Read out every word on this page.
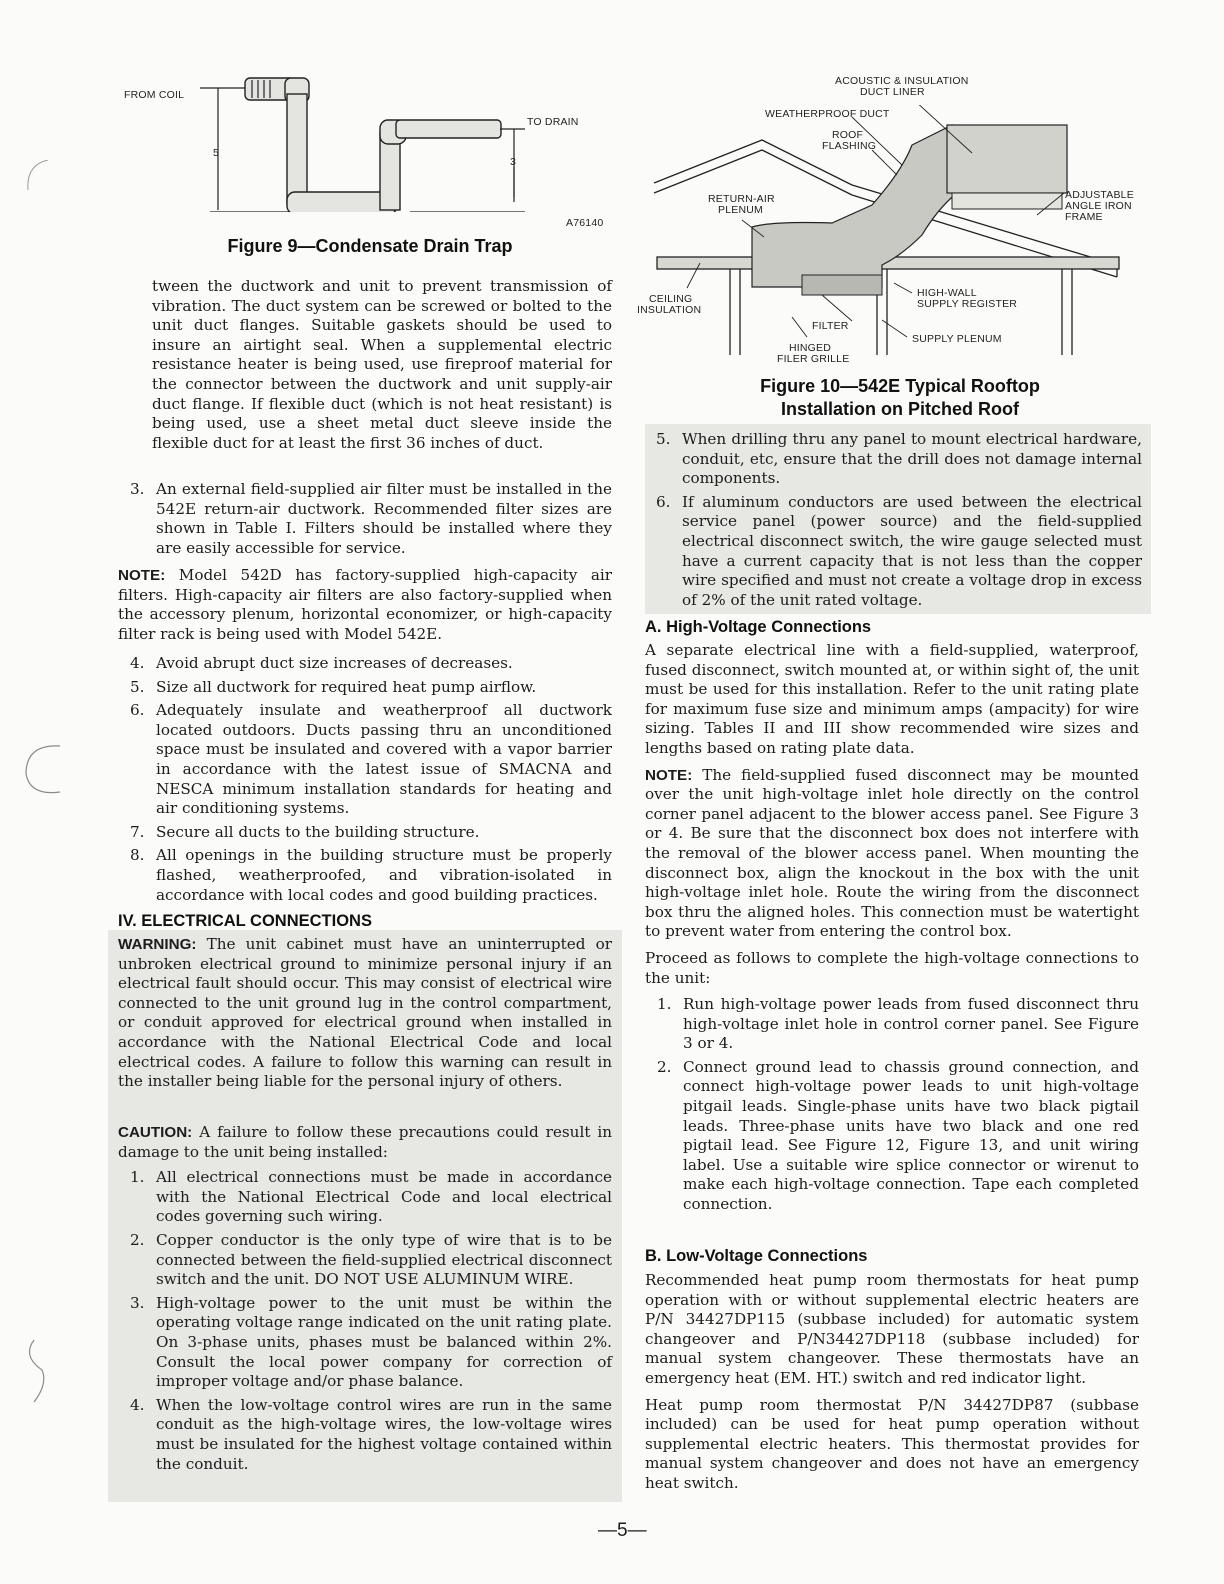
FROM COIL
TO DRAIN
5
3
A76140
Figure 9—Condensate Drain Trap
ACOUSTIC & INSULATION
DUCT LINER
WEATHERPROOF DUCT
ROOF
FLASHING
RETURN-AIR
PLENUM
ADJUSTABLE
ANGLE IRON
FRAME
CEILING
INSULATION
HIGH-WALL
SUPPLY REGISTER
FILTER
SUPPLY PLENUM
HINGED
FILER GRILLE
Figure 10—542E Typical Rooftop
Installation on Pitched Roof

tween the ductwork and unit to prevent transmission of vibration. The duct system can be screwed or bolted to the unit duct flanges. Suitable gaskets should be used to insure an airtight seal. When a supplemental electric resistance heater is being used, use fireproof material for the connector between the ductwork and unit supply-air duct flange. If flexible duct (which is not heat resistant) is being used, use a sheet metal duct sleeve inside the flexible duct for at least the first 36 inches of duct.

3. An external field-supplied air filter must be installed in the 542E return-air ductwork. Recommended filter sizes are shown in Table I. Filters should be installed where they are easily accessible for service.

NOTE: Model 542D has factory-supplied high-capacity air filters. High-capacity air filters are also factory-supplied when the accessory plenum, horizontal economizer, or high-capacity filter rack is being used with Model 542E.

4. Avoid abrupt duct size increases of decreases.
5. Size all ductwork for required heat pump airflow.
6. Adequately insulate and weatherproof all ductwork located outdoors. Ducts passing thru an unconditioned space must be insulated and covered with a vapor barrier in accordance with the latest issue of SMACNA and NESCA minimum installation standards for heating and air conditioning systems.
7. Secure all ducts to the building structure.
8. All openings in the building structure must be properly flashed, weatherproofed, and vibration-isolated in accordance with local codes and good building practices.
IV. ELECTRICAL CONNECTIONS

WARNING: The unit cabinet must have an uninterrupted or unbroken electrical ground to minimize personal injury if an electrical fault should occur. This may consist of electrical wire connected to the unit ground lug in the control compartment, or conduit approved for electrical ground when installed in accordance with the National Electrical Code and local electrical codes. A failure to follow this warning can result in the installer being liable for the personal injury of others.

CAUTION: A failure to follow these precautions could result in damage to the unit being installed:

1. All electrical connections must be made in accordance with the National Electrical Code and local electrical codes governing such wiring.
2. Copper conductor is the only type of wire that is to be connected between the field-supplied electrical disconnect switch and the unit. DO NOT USE ALUMINUM WIRE.
3. High-voltage power to the unit must be within the operating voltage range indicated on the unit rating plate. On 3-phase units, phases must be balanced within 2%. Consult the local power company for correction of improper voltage and/or phase balance.
4. When the low-voltage control wires are run in the same conduit as the high-voltage wires, the low-voltage wires must be insulated for the highest voltage contained within the conduit.
5. When drilling thru any panel to mount electrical hardware, conduit, etc, ensure that the drill does not damage internal components.
6. If aluminum conductors are used between the electrical service panel (power source) and the field-supplied electrical disconnect switch, the wire gauge selected must have a current capacity that is not less than the copper wire specified and must not create a voltage drop in excess of 2% of the unit rated voltage.
A. High-Voltage Connections

A separate electrical line with a field-supplied, waterproof, fused disconnect, switch mounted at, or within sight of, the unit must be used for this installation. Refer to the unit rating plate for maximum fuse size and minimum amps (ampacity) for wire sizing. Tables II and III show recommended wire sizes and lengths based on rating plate data.

NOTE: The field-supplied fused disconnect may be mounted over the unit high-voltage inlet hole directly on the control corner panel adjacent to the blower access panel. See Figure 3 or 4. Be sure that the disconnect box does not interfere with the removal of the blower access panel. When mounting the disconnect box, align the knockout in the box with the unit high-voltage inlet hole. Route the wiring from the disconnect box thru the aligned holes. This connection must be watertight to prevent water from entering the control box.

Proceed as follows to complete the high-voltage connections to the unit:

1. Run high-voltage power leads from fused disconnect thru high-voltage inlet hole in control corner panel. See Figure 3 or 4.
2. Connect ground lead to chassis ground connection, and connect high-voltage power leads to unit high-voltage pitgail leads. Single-phase units have two black pigtail leads. Three-phase units have two black and one red pigtail lead. See Figure 12, Figure 13, and unit wiring label. Use a suitable wire splice connector or wirenut to make each high-voltage connection. Tape each completed connection.
B. Low-Voltage Connections

Recommended heat pump room thermostats for heat pump operation with or without supplemental electric heaters are P/N 34427DP115 (subbase included) for automatic system changeover and P/N34427DP118 (subbase included) for manual system changeover. These thermostats have an emergency heat (EM. HT.) switch and red indicator light.

Heat pump room thermostat P/N 34427DP87 (subbase included) can be used for heat pump operation without supplemental electric heaters. This thermostat provides for manual system changeover and does not have an emergency heat switch.

—5—
